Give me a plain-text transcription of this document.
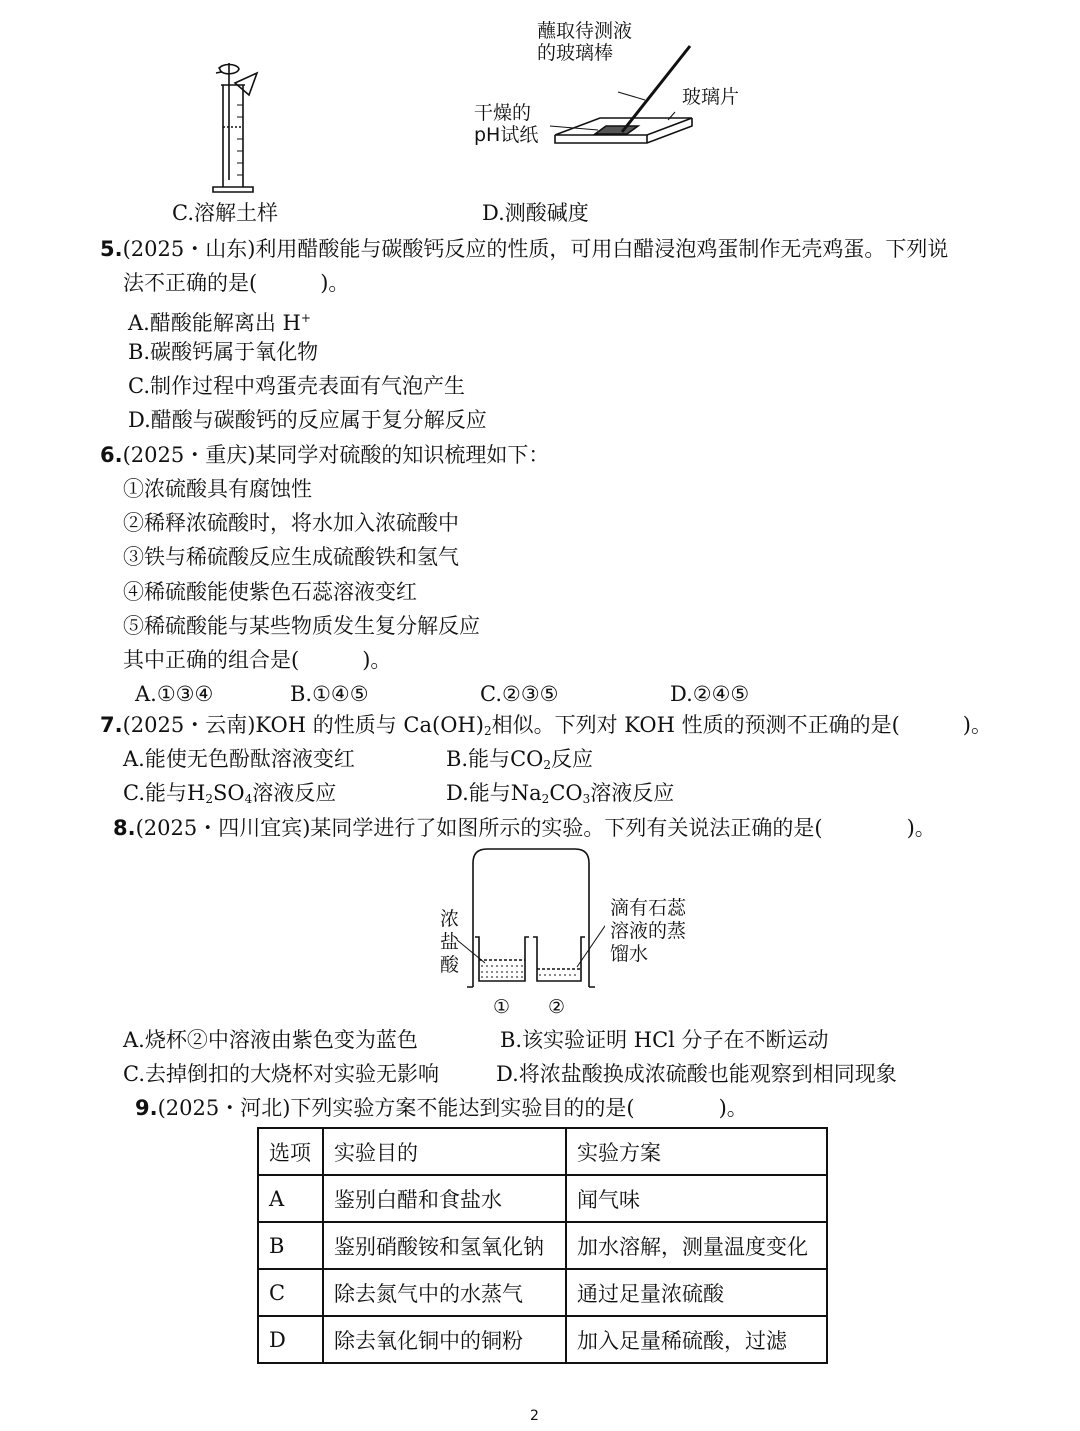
C.溶解土样
蘸取待测液
的玻璃棒
干燥的
pH试纸
玻璃片
D.测酸碱度
5.(2025・山东)利用醋酸能与碳酸钙反应的性质，可用白醋浸泡鸡蛋制作无壳鸡蛋。下列说
法不正确的是(　　　)。
A.醋酸能解离出 H+
B.碳酸钙属于氧化物
C.制作过程中鸡蛋壳表面有气泡产生
D.醋酸与碳酸钙的反应属于复分解反应
6.(2025・重庆)某同学对硫酸的知识梳理如下：
①浓硫酸具有腐蚀性
②稀释浓硫酸时，将水加入浓硫酸中
③铁与稀硫酸反应生成硫酸铁和氢气
④稀硫酸能使紫色石蕊溶液变红
⑤稀硫酸能与某些物质发生复分解反应
其中正确的组合是(　　　)。
A.①③④	B.①④⑤	C.②③⑤	D.②④⑤
7.(2025・云南)KOH 的性质与 $Ca(OH)_2$相似。下列对 KOH 性质的预测不正确的是(　　　)。
A.能使无色酚酞溶液变红	B.能与$CO_2$反应
C.能与$H_2SO_4$溶液反应	D.能与$Na_2CO_3$溶液反应
8.(2025・四川宜宾)某同学进行了如图所示的实验。下列有关说法正确的是(　　　　)。
浓
盐
酸
滴有石蕊
溶液的蒸
馏水
① ②
A.烧杯②中溶液由紫色变为蓝色	B.该实验证明 HCl 分子在不断运动
C.去掉倒扣的大烧杯对实验无影响	D.将浓盐酸换成浓硫酸也能观察到相同现象
9.(2025・河北)下列实验方案不能达到实验目的的是(　　　　)。
选项	实验目的	实验方案
A	鉴别白醋和食盐水	闻气味
B	鉴别硝酸铵和氢氧化钠	加水溶解，测量温度变化
C	除去氮气中的水蒸气	通过足量浓硫酸
D	除去氧化铜中的铜粉	加入足量稀硫酸，过滤
2
